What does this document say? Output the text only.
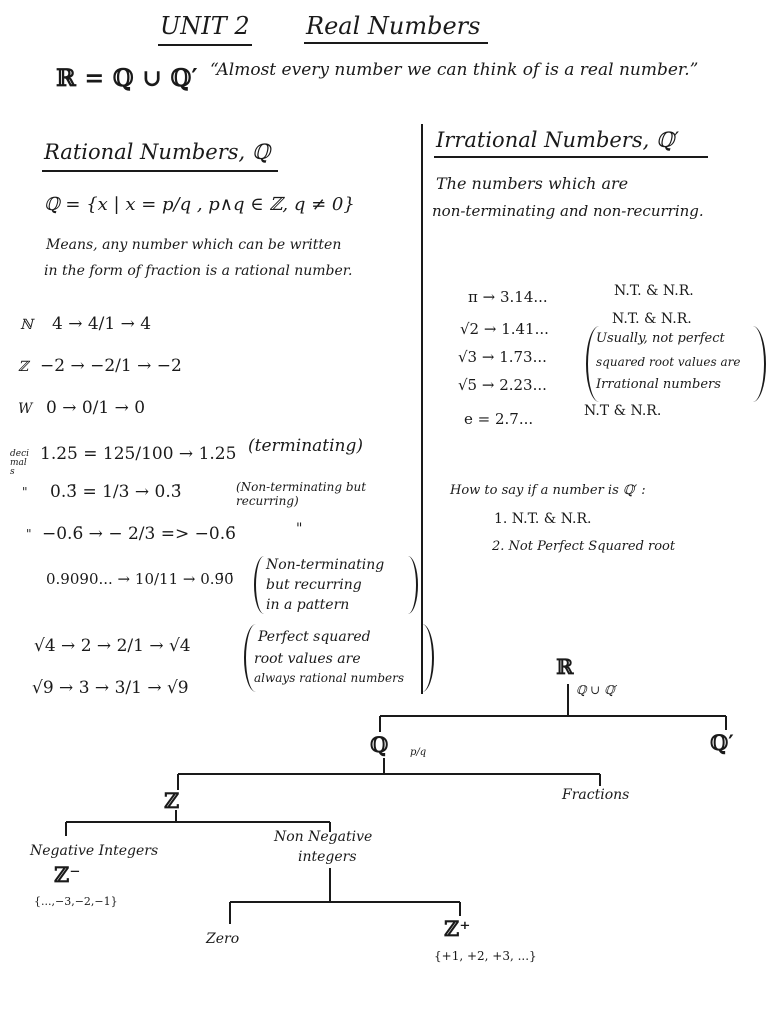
UNIT 2 Real Numbers
ℝ = ℚ ∪ ℚ′ “Almost every number we can think of is a real number.”
Rational Numbers, ℚ
ℚ = {x | x = p/q , p∧q ∈ ℤ, q ≠ 0}
Means, any number which can be written
in the form of fraction is a rational number.
ℕ 4 → 4/1 → 4
ℤ −2 → −2/1 → −2
W 0 → 0/1 → 0
deci mal s
1.25 = 125/100 → 1.25 (terminating)
" 0.3̄ = 1/3 → 0.3̄	(Non-terminating but recurring)
" −0.6̄ → − 2/3 => −0.6̄	"
0.9090... → 10/11 → 0.9̄0̄
Non-terminating
but recurring
in a pattern
√4 → 2 → 2/1 → √4
√9 → 3 → 3/1 → √9
Perfect squared
root values are
always rational numbers
Irrational Numbers, ℚ′
The numbers which are
non-terminating and non-recurring.
π → 3.14...	N.T. & N.R.
√2 → 1.41...
N.T. & N.R.
√3 → 1.73...
√5 → 2.23...
Usually, not perfect
squared root values are
Irrational numbers
e = 2.7...	N.T & N.R.
How to say if a number is ℚ′ :
1. N.T. & N.R.
2. Not Perfect Squared root
ℝ
ℚ ∪ ℚ′
ℚ p/q	ℚ′
ℤ	Fractions
Negative Integers
ℤ⁻
{...,−3,−2,−1}
Non Negative
integers
Zero	ℤ⁺
{+1, +2, +3, ...}
